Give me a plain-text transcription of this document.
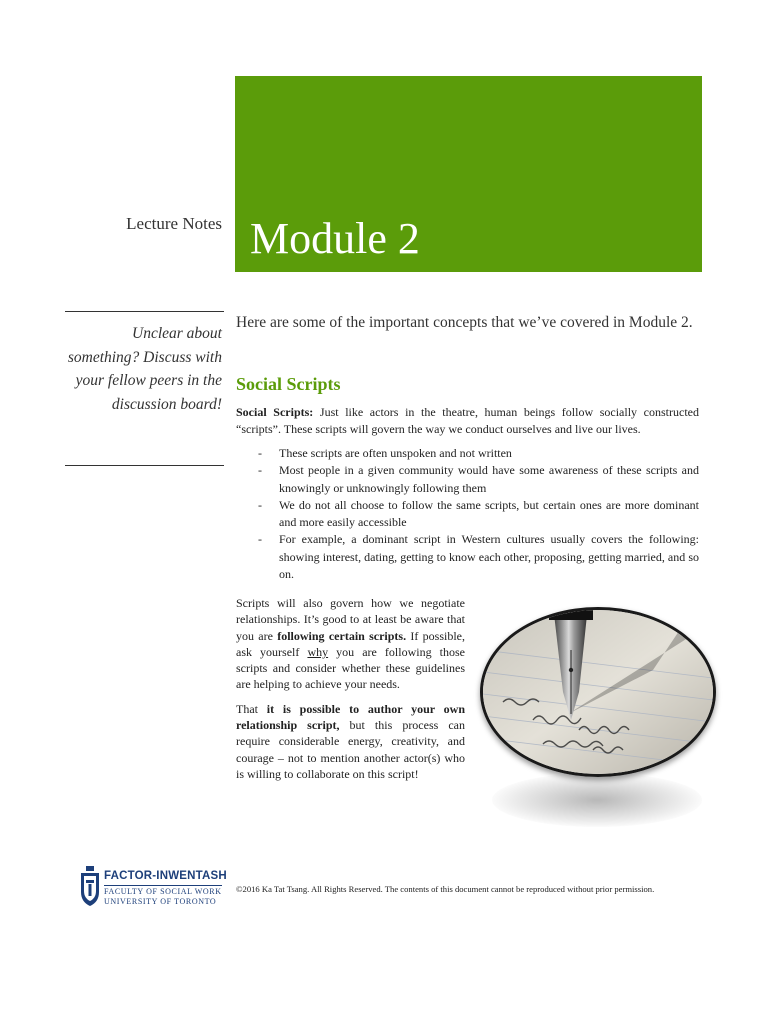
Module 2
Lecture Notes
Unclear about something? Discuss with your fellow peers in the discussion board!

Here are some of the important concepts that we’ve covered in Module 2.

Social Scripts

Social Scripts: Just like actors in the theatre, human beings follow socially constructed “scripts”. These scripts will govern the way we conduct ourselves and live our lives.

- These scripts are often unspoken and not written
- Most people in a given community would have some awareness of these scripts and knowingly or unknowingly following them
- We do not all choose to follow the same scripts, but certain ones are more dominant and more easily accessible
- For example, a dominant script in Western cultures usually covers the following: showing interest, dating, getting to know each other, proposing, getting married, and so on.

Scripts will also govern how we negotiate relationships. It’s good to at least be aware that you are following certain scripts. If possible, ask yourself why you are following those scripts and consider whether these guidelines are helping to achieve your needs.

That it is possible to author your own relationship script, but this process can require considerable energy, creativity, and courage – not to mention another actor(s) who is willing to collaborate on this script!

FACTOR-INWENTASH
FACULTY OF SOCIAL WORK
UNIVERSITY OF TORONTO
©2016 Ka Tat Tsang. All Rights Reserved. The contents of this document cannot be reproduced without prior permission.
